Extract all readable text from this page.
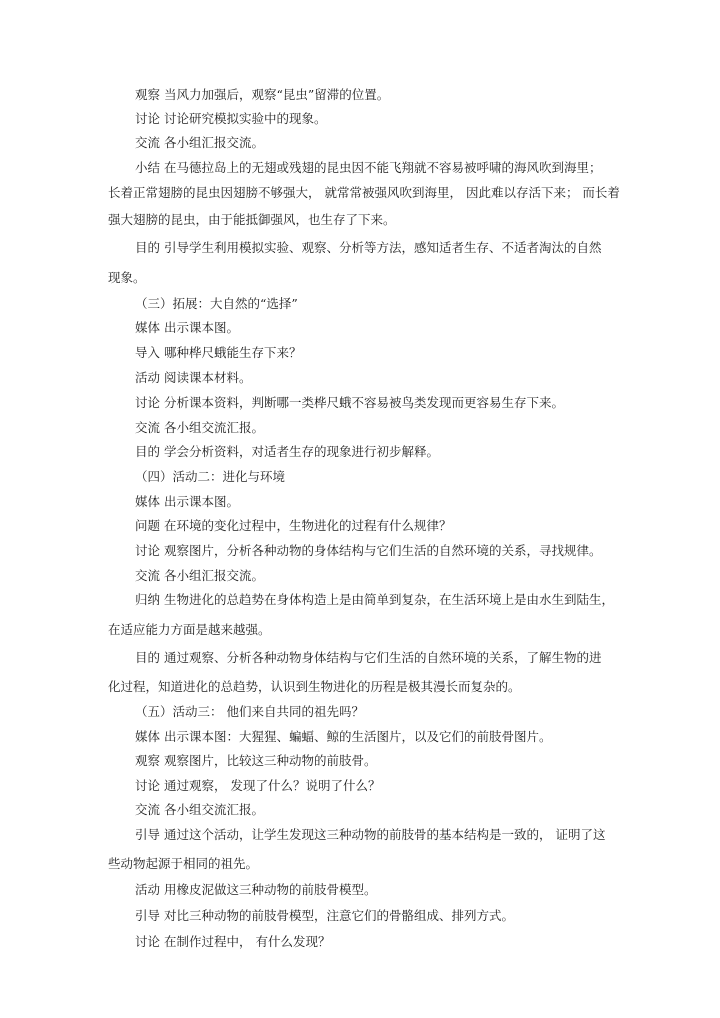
观察 当风力加强后，观察“昆虫”留滞的位置。
讨论 讨论研究模拟实验中的现象。
交流 各小组汇报交流。
小结 在马德拉岛上的无翅或残翅的昆虫因不能飞翔就不容易被呼啸的海风吹到海里；
长着正常翅膀的昆虫因翅膀不够强大， 就常常被强风吹到海里， 因此难以存活下来； 而长着
强大翅膀的昆虫，由于能抵御强风，也生存了下来。
目的 引导学生利用模拟实验、观察、分析等方法，感知适者生存、不适者淘汰的自然
现象。
（三）拓展：大自然的“选择”
媒体 出示课本图。
导入 哪种桦尺蛾能生存下来？
活动 阅读课本材料。
讨论 分析课本资料，判断哪一类桦尺蛾不容易被鸟类发现而更容易生存下来。
交流 各小组交流汇报。
目的 学会分析资料，对适者生存的现象进行初步解释。
（四）活动二：进化与环境
媒体 出示课本图。
问题 在环境的变化过程中，生物进化的过程有什么规律？
讨论 观察图片，分析各种动物的身体结构与它们生活的自然环境的关系，寻找规律。
交流 各小组汇报交流。
归纳 生物进化的总趋势在身体构造上是由简单到复杂，在生活环境上是由水生到陆生，
在适应能力方面是越来越强。
目的 通过观察、分析各种动物身体结构与它们生活的自然环境的关系，了解生物的进
化过程，知道进化的总趋势，认识到生物进化的历程是极其漫长而复杂的。
（五）活动三： 他们来自共同的祖先吗？
媒体 出示课本图：大猩猩、蝙蝠、鲸的生活图片，以及它们的前肢骨图片。
观察 观察图片，比较这三种动物的前肢骨。
讨论 通过观察， 发现了什么？说明了什么？
交流 各小组交流汇报。
引导 通过这个活动，让学生发现这三种动物的前肢骨的基本结构是一致的， 证明了这
些动物起源于相同的祖先。
活动 用橡皮泥做这三种动物的前肢骨模型。
引导 对比三种动物的前肢骨模型，注意它们的骨骼组成、排列方式。
讨论 在制作过程中， 有什么发现？
